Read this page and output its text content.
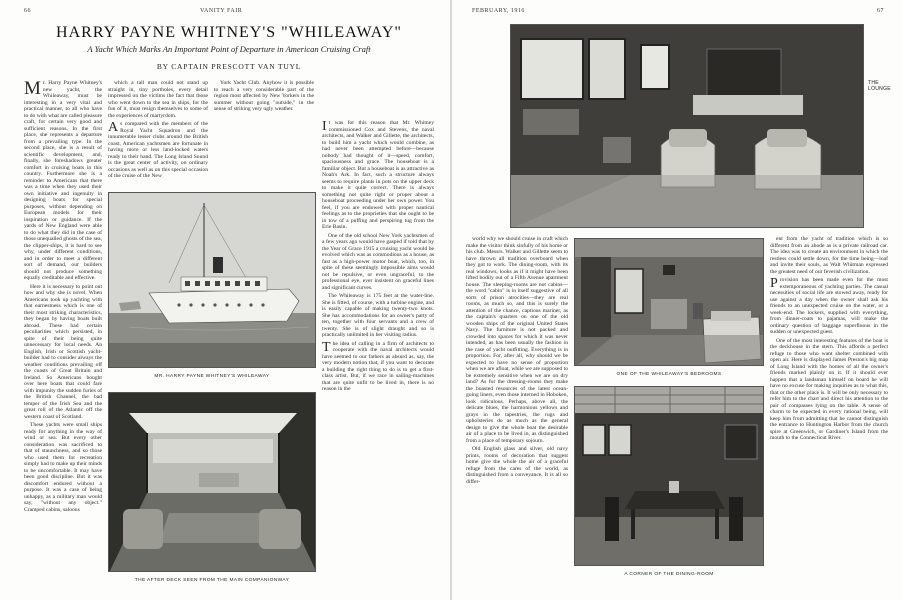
66	VANITY FAIR
HARRY PAYNE WHITNEY'S "WHILEAWAY"
A Yacht Which Marks An Important Point of Departure in American Cruising Craft
BY CAPTAIN PRESCOTT VAN TUYL

Mr. Harry Payne Whitney's new yacht, the Whileaway, must be interesting in a very vital and practical manner, to all who have to do with what are called pleasure craft, for certain very good and sufficient reasons. In the first place, she represents a departure from a prevailing type. In the second place, she is a result of scientific development, and, finally, she foreshadows greater comfort in cruising boats in this country. Furthermore she is a reminder to Americans that there was a time when they used their own initiative and ingenuity in designing boats for special purposes, without depending on European models for their inspiration or guidance. If the yards of New England were able to do what they did in the case of those unequalled ghosts of the sea, the clipper-ships, it is hard to see why, under different conditions, and in order to meet a different sort of demand, our builders should not produce something equally creditable and effective.

Here it is necessary to point out how and why she is novel. When Americans took up yachting with that earnestness which is one of their most striking characteristics, they began by having boats built abroad. These had certain peculiarities which persisted, in spite of their being quite unnecessary for local needs. An English, Irish or Scottish yacht-builder had to consider always the weather conditions prevailing off the coasts of Great Britain and Ireland. So Americans bought over here boats that could fare with impunity the sudden furies of the British Channel, the bad temper of the Irish Sea and the great roll of the Atlantic off the western coast of Scotland.

These yachts were small ships ready for anything in the way of wind or sea. But every other consideration was sacrificed to that of staunchness, and so those who used them for recreation simply had to make up their minds to be uncomfortable. It may have been good discipline. But it was discomfort endured without a purpose. It was a case of being unhappy, as a military man would say, "without any object." Cramped cabins, saloons

which a tall man could not stand up straight in, tiny portholes, every detail impressed on the victims the fact that those who went down to the sea in ships, for the fun of it, must resign themselves to some of the experiences of martyrdom.

As compared with the members of the Royal Yacht Squadron and the innumerable lesser clubs around the British coast, American yachtsmen are fortunate in having more or less land-locked waters ready to their hand. The Long Island Sound is the great center of activity, on ordinary occasions as well as on this special occasion of the cruise of the New

York Yacht Club. Anyhow it is possible to reach a very considerable part of the region most affected by New Yorkers in the summer without going "outside," in the sense of striking very ugly weather.

It was for this reason that Mr. Whitney commissioned Cox and Stevens, the naval architects, and Walker and Gillette, the architects, to build him a yacht which would combine, as had never been attempted before—because nobody had thought of it—speed, comfort, spaciousness and grace. The houseboat is a familiar object. But a houseboat is as attractive as Noah's Ark. In fact, such a structure always seems to require plants in pots on the upper deck to make it quite correct. There is always something not quite right or proper about a houseboat proceeding under her own power. You feel, if you are endowed with proper nautical feelings as to the proprieties that she ought to be in tow of a puffing and perspiring tug from the Erie Basin.

One of the old school New York yachtsmen of a few years ago would have gasped if told that by the Year of Grace 1915 a cruising yacht would be evolved which was as commodious as a house, as fast as a high-power motor boat, which, too, in spite of these seemingly impossible aims would not be repulsive, or even ungraceful, to the professional eye, ever insistent on graceful lines and significant curves.

The Whileaway is 175 feet at the water-line. She is fitted, of course, with a turbine engine, and is easily capable of making twenty-two knots. She has accommodations for an owner's party of ten, together with four servants and a crew of twenty. She is of slight draught and so is practically unlimited in her visiting radius.

The idea of calling in a firm of architects to cooperate with the naval architects would have seemed to our fathers as absurd as, say, the very modern notion that, if you want to decorate a building the right thing to do is to get a first-class artist. But, if we race in sailing-machines that are quite unfit to be lived in, there is no reason in the

MR. HARRY PAYNE WHITNEY'S WHILEAWAY
THE AFTER DECK SEEN FROM THE MAIN COMPANIONWAY
FEBRUARY, 1916	67
THE LOUNGE

world why we should cruise in craft which make the visitor think sinfully of his home or his club. Messrs. Walker and Gillette seem to have thrown all tradition overboard when they got to work. The dining-room, with its real windows, looks as if it might have been lifted bodily out of a Fifth Avenue apartment house. The sleeping-rooms are not cabins—the word "cabin" is in itself suggestive of all sorts of prison atrocities—they are real rooms, as much so, and this is surely the attention of the chance, captious mariner, as the captain's quarters on one of the old wooden ships of the original United States Navy. The furniture is not packed and crowded into spaces for which it was never intended, as has been usually the fashion in the case of yacht outfitting. Everything is in proportion. For, after all, why should we be expected to have no sense of proportion when we are afloat, while we are supposed to be extremely sensitive when we are on dry land? As for the dressing-rooms they make the boasted resources of the latest ocean-going liners, even those interned in Hoboken, look ridiculous. Perhaps, above all, the delicate blues, the harmonious yellows and grays in the tapestries, the rugs and upholsteries do as much as the general design to give the whole boat the desirable air of a place to be lived in, as distinguished from a place of temporary sojourn.

Old English glass and silver, old navy prints, rooms of decoration that suggest home give the whole the air of a graceful refuge from the cares of the world, as distinguished from a conveyance. It is all so differ-

ONE OF THE WHILEAWAY'S BEDROOMS
A CORNER OF THE DINING-ROOM

ent from the yacht of tradition which is so different from an abode as is a private railroad car. The idea was to create an environment in which the restless could settle down, for the time being—loaf and invite their souls, as Walt Whitman expressed the greatest need of our feverish civilization.

Provision has been made even for the most extemporaneous of yachting parties. The casual necessities of social life are stowed away, ready for use against a day when the owner shall ask his friends to an unexpected cruise on the water, or a week-end. The lockers, supplied with everything, from dinner-coats to pajamas, will make the ordinary question of baggage superfluous in the sudden or unexpected guest.

One of the most interesting features of the boat is the deckhouse in the stern. This affords a perfect refuge to those who want shelter combined with open air. Here is displayed James Preston's big map of Long Island with the homes of all the owner's friends marked plainly on it. If it should ever happen that a landsman himself on board he will have no excuse for making inquiries as to what this, that or the other place is. It will be only necessary to refer him to the chart and direct his attention to the pair of compasses lying on the table. A sense of charm to be expected in every rational being, will keep him from admitting that he cannot distinguish the entrance to Huntington Harbor from the church spire at Greenwich, or Gardiner's Island from the mouth to the Connecticut River.
